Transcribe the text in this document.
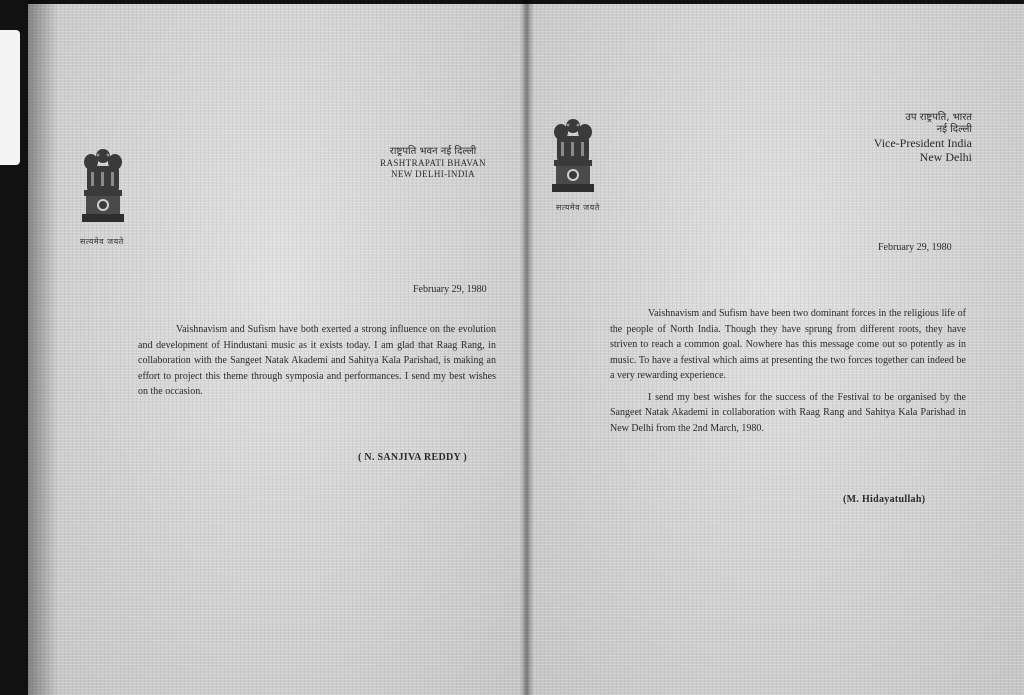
सत्यमेव जयते
राष्ट्रपति भवन नई दिल्ली
RASHTRAPATI BHAVAN
NEW DELHI-INDIA
February 29, 1980

Vaishnavism and Sufism have both exerted a strong influence on the evolution and development of Hindustani music as it exists today. I am glad that Raag Rang, in collaboration with the Sangeet Natak Akademi and Sahitya Kala Parishad, is making an effort to project this theme through symposia and performances. I send my best wishes on the occasion.

( N. SANJIVA REDDY )
सत्यमेव जयते
उप राष्ट्रपति, भारत
नई दिल्ली
Vice-President India
New Delhi
February 29, 1980

Vaishnavism and Sufism have been two dominant forces in the religious life of the people of North India. Though they have sprung from different roots, they have striven to reach a common goal. Nowhere has this message come out so potently as in music. To have a festival which aims at presenting the two forces together can indeed be a very rewarding experience.

I send my best wishes for the success of the Festival to be organised by the Sangeet Natak Akademi in collaboration with Raag Rang and Sahitya Kala Parishad in New Delhi from the 2nd March, 1980.

(M. Hidayatullah)
